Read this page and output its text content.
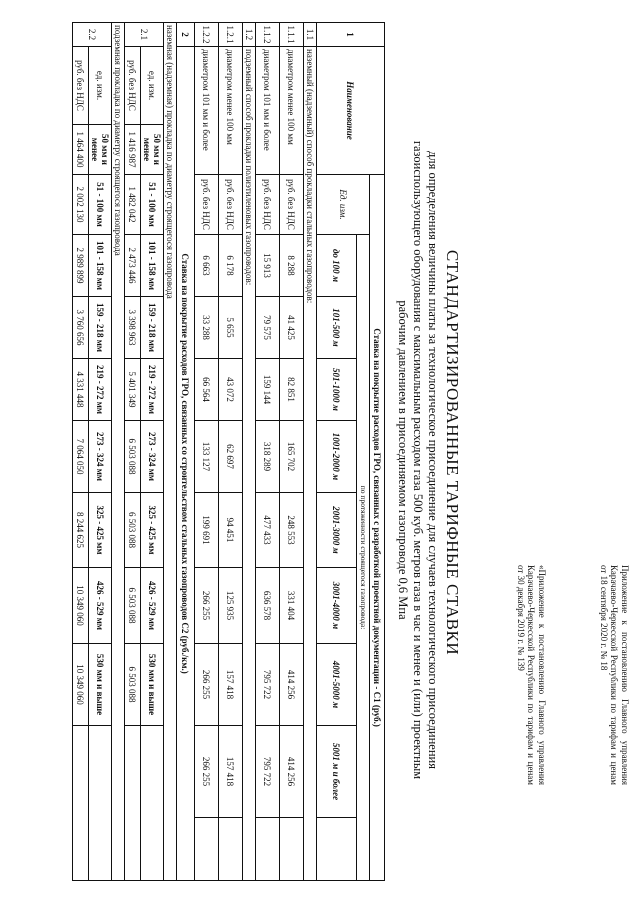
Приложение к постановлению Главного управления Карачаево-Черкесской Республики по тарифам и ценам от 18 сентября 2020 г. № 18
«Приложение к постановлению Главного управления Карачаево-Черкесской Республики по тарифам и ценам от 30 декабря 2019 г. № 139
СТАНДАРТИЗИРОВАННЫЕ ТАРИФНЫЕ СТАВКИ
для определения величины платы за технологическое присоединение для случаев технологического присоединения
газоиспользующего оборудования с максимальным расходом газа 500 куб. метров газа в час и менее и (или) проектным
рабочим давлением в присоединяемом газопроводе 0,6 Мпа
1	Наименование		Ставка на покрытие расходов ГРО, связанных с разработкой проектной документации - С1 (руб.)									
			Ед. изм.	по протяженности строящегося газопровода:								
				до 100 м	101-500 м	501-1000 м	1001-2000 м	2001-3000 м	3001-4000 м	4001-5000 м	5001 м и более	
1.1	наземный (надземный) способ прокладки стальных газопроводов:											
1.1.1	диаметром менее 100 мм		руб. без НДС	8 288	41 425	82 851	165 702	248 553	331 404	414 256	414 256	
1.1.2	диаметром 101 мм и более		руб. без НДС	15 913	79 575	159 144	318 289	477 433	636 578	795 722	795 722	
1.2	подземный способ прокладки полиэтиленовых газопроводов:											
1.2.1	диаметром менее 100 мм		руб. без НДС	6 178	5 655	43 072	62 697	94 451	125 935	157 418	157 418	
1.2.2	диаметром 101 мм и более		руб. без НДС	6 663	33 288	66 564	133 127	199 691	266 255	266 255	266 255	
2	Ставка на покрытие расходов ГРО, связанных со строительством стальных газопроводов С2 (руб./км.)											
наземная (надземная) прокладка по диаметру строящегося газопровода												
2.1	ед. изм.	50 мм и менее	51 - 100 мм	101 - 158 мм	159 - 218 мм	219 - 272 мм	273 - 324 мм	325 - 425 мм	426 - 529 мм	530 мм и выше		
	руб. без НДС	1 416 987	1 482 042	2 473 446	3 398 963	5 401 349	6 503 088	6 503 088	6 503 088	6 503 088		
подземная прокладка по диаметру строящегося газопровода												
2.2	ед. изм.	50 мм и менее	51 - 100 мм	101 - 158 мм	159 - 218 мм	219 - 272 мм	273 - 324 мм	325 - 425 мм	426 - 529 мм	530 мм и выше		
	руб. без НДС	1 464 400	2 002 130	2 989 899	3 760 656	4 331 448	7 064 050	8 244 625	10 349 060	10 349 060		
